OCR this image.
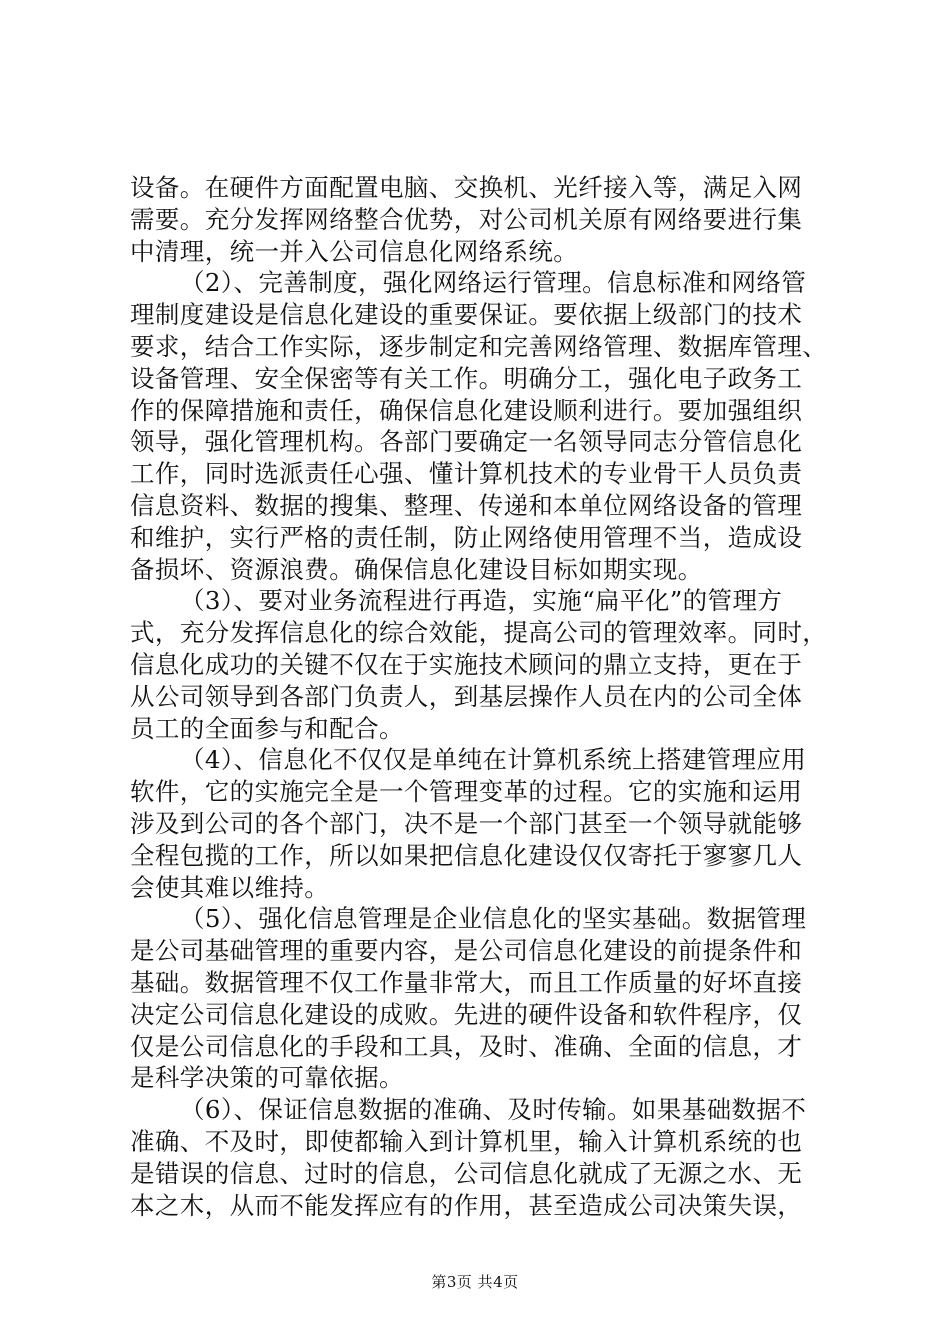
设备。在硬件方面配置电脑、交换机、光纤接入等，满足入网
需要。充分发挥网络整合优势，对公司机关原有网络要进行集
中清理，统一并入公司信息化网络系统。
（2）、完善制度，强化网络运行管理。信息标准和网络管
理制度建设是信息化建设的重要保证。要依据上级部门的技术
要求，结合工作实际，逐步制定和完善网络管理、数据库管理、
设备管理、安全保密等有关工作。明确分工，强化电子政务工
作的保障措施和责任，确保信息化建设顺利进行。要加强组织
领导，强化管理机构。各部门要确定一名领导同志分管信息化
工作，同时选派责任心强、懂计算机技术的专业骨干人员负责
信息资料、数据的搜集、整理、传递和本单位网络设备的管理
和维护，实行严格的责任制，防止网络使用管理不当，造成设
备损坏、资源浪费。确保信息化建设目标如期实现。
（3）、要对业务流程进行再造，实施“扁平化”的管理方
式，充分发挥信息化的综合效能，提高公司的管理效率。同时，
信息化成功的关键不仅在于实施技术顾问的鼎立支持，更在于
从公司领导到各部门负责人，到基层操作人员在内的公司全体
员工的全面参与和配合。
（4）、信息化不仅仅是单纯在计算机系统上搭建管理应用
软件，它的实施完全是一个管理变革的过程。它的实施和运用
涉及到公司的各个部门，决不是一个部门甚至一个领导就能够
全程包揽的工作，所以如果把信息化建设仅仅寄托于寥寥几人
会使其难以维持。
（5）、强化信息管理是企业信息化的坚实基础。数据管理
是公司基础管理的重要内容，是公司信息化建设的前提条件和
基础。数据管理不仅工作量非常大，而且工作质量的好坏直接
决定公司信息化建设的成败。先进的硬件设备和软件程序，仅
仅是公司信息化的手段和工具，及时、准确、全面的信息，才
是科学决策的可靠依据。
（6）、保证信息数据的准确、及时传输。如果基础数据不
准确、不及时，即使都输入到计算机里，输入计算机系统的也
是错误的信息、过时的信息，公司信息化就成了无源之水、无
本之木，从而不能发挥应有的作用，甚至造成公司决策失误，
第3页 共4页
